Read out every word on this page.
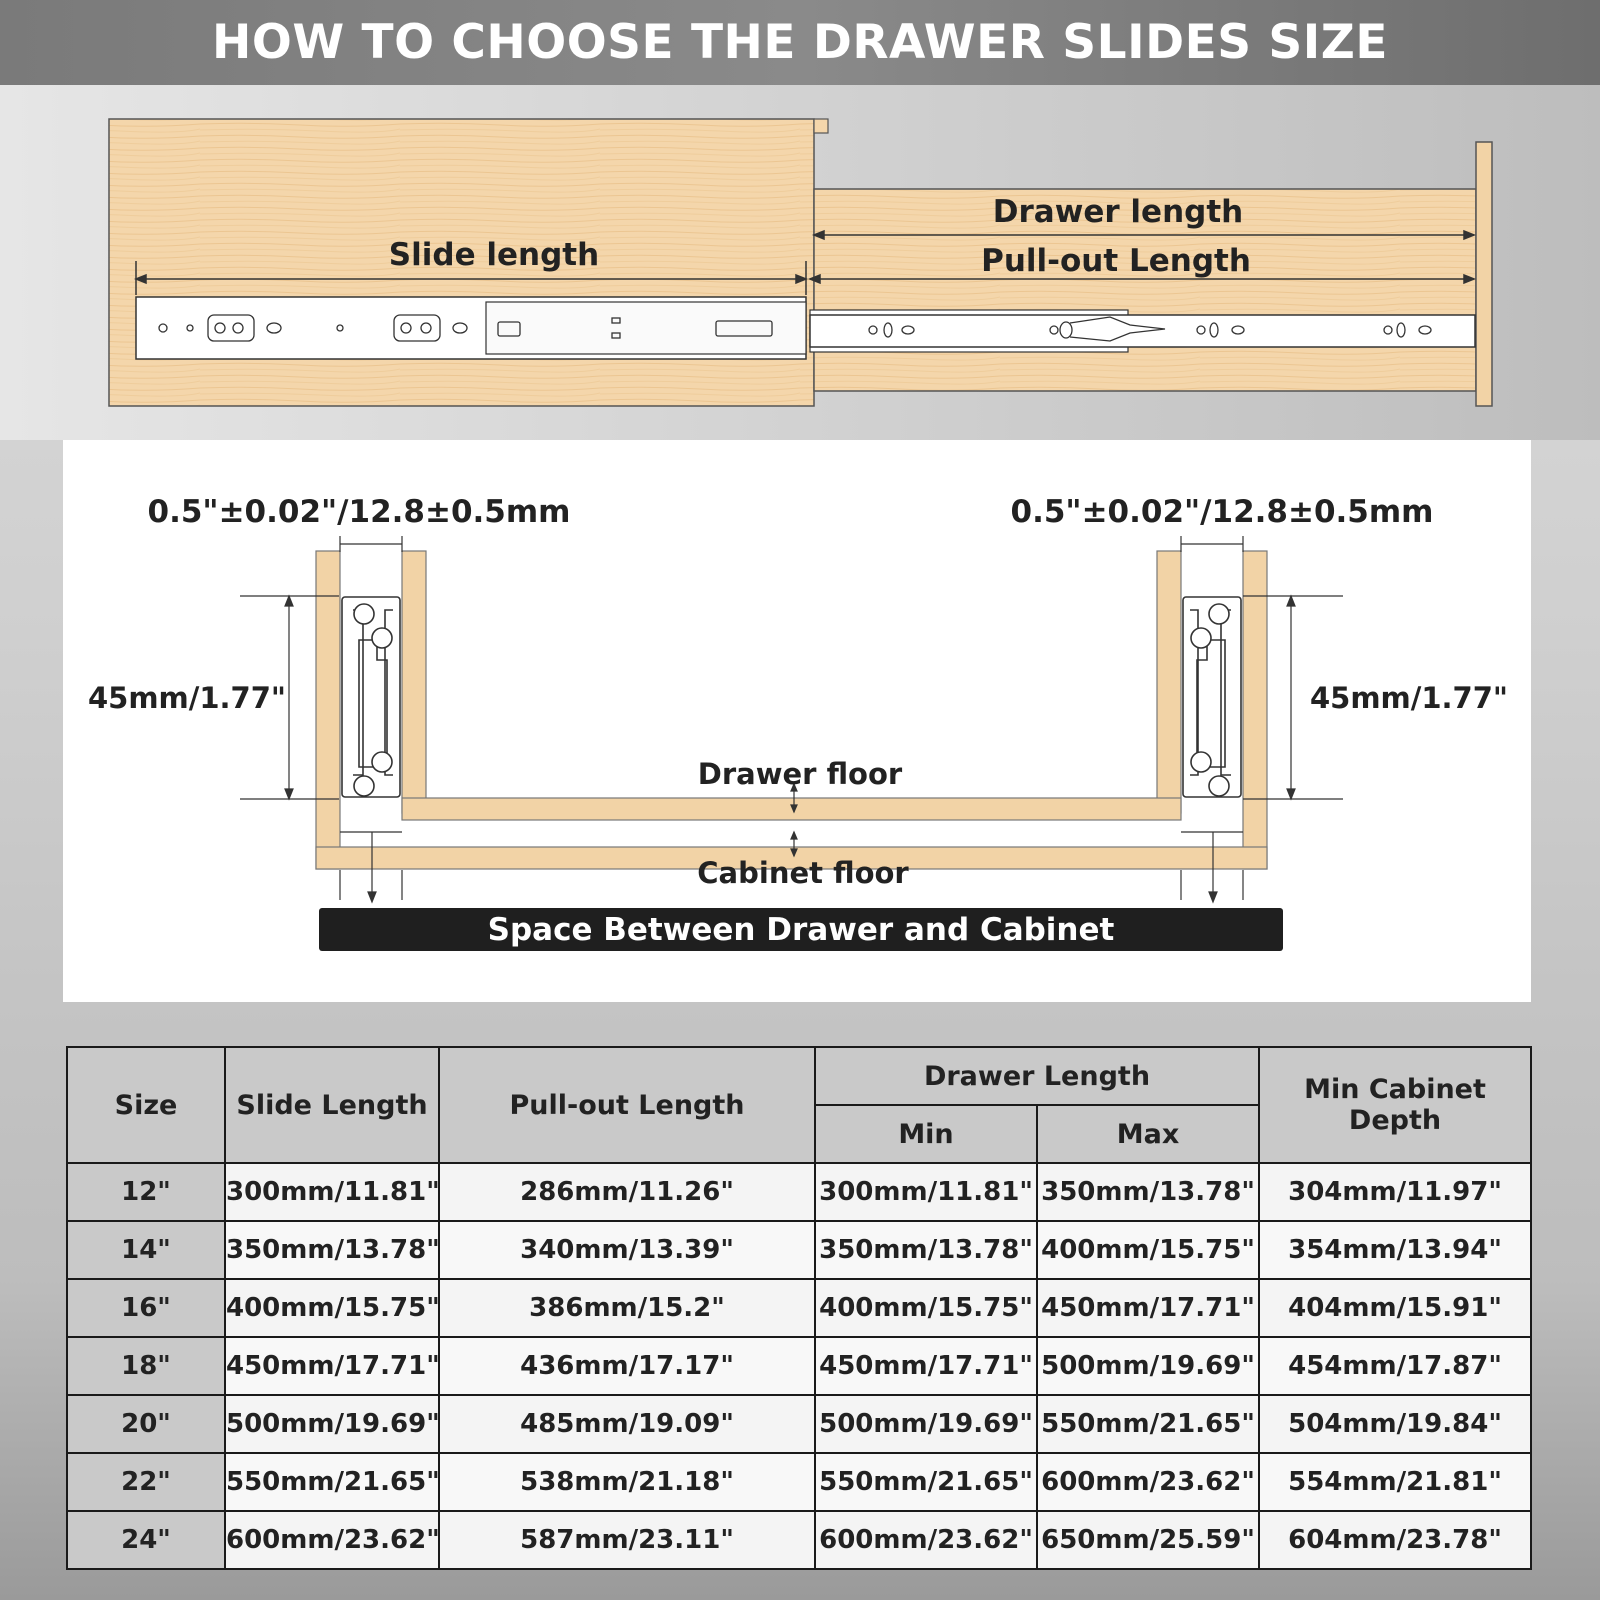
HOW TO CHOOSE THE DRAWER SLIDES SIZE
Slide length
Drawer length
Pull-out Length
0.5"±0.02"/12.8±0.5mm	0.5"±0.02"/12.8±0.5mm
45mm/1.77"	45mm/1.77"
Drawer floor
Cabinet floor
Space Between Drawer and Cabinet
Size	Slide Length	Pull-out Length	Drawer Length		Min Cabinet Depth
			Min	Max	
12"	300mm/11.81"	286mm/11.26"	300mm/11.81"	350mm/13.78"	304mm/11.97"
14"	350mm/13.78"	340mm/13.39"	350mm/13.78"	400mm/15.75"	354mm/13.94"
16"	400mm/15.75"	386mm/15.2"	400mm/15.75"	450mm/17.71"	404mm/15.91"
18"	450mm/17.71"	436mm/17.17"	450mm/17.71"	500mm/19.69"	454mm/17.87"
20"	500mm/19.69"	485mm/19.09"	500mm/19.69"	550mm/21.65"	504mm/19.84"
22"	550mm/21.65"	538mm/21.18"	550mm/21.65"	600mm/23.62"	554mm/21.81"
24"	600mm/23.62"	587mm/23.11"	600mm/23.62"	650mm/25.59"	604mm/23.78"
